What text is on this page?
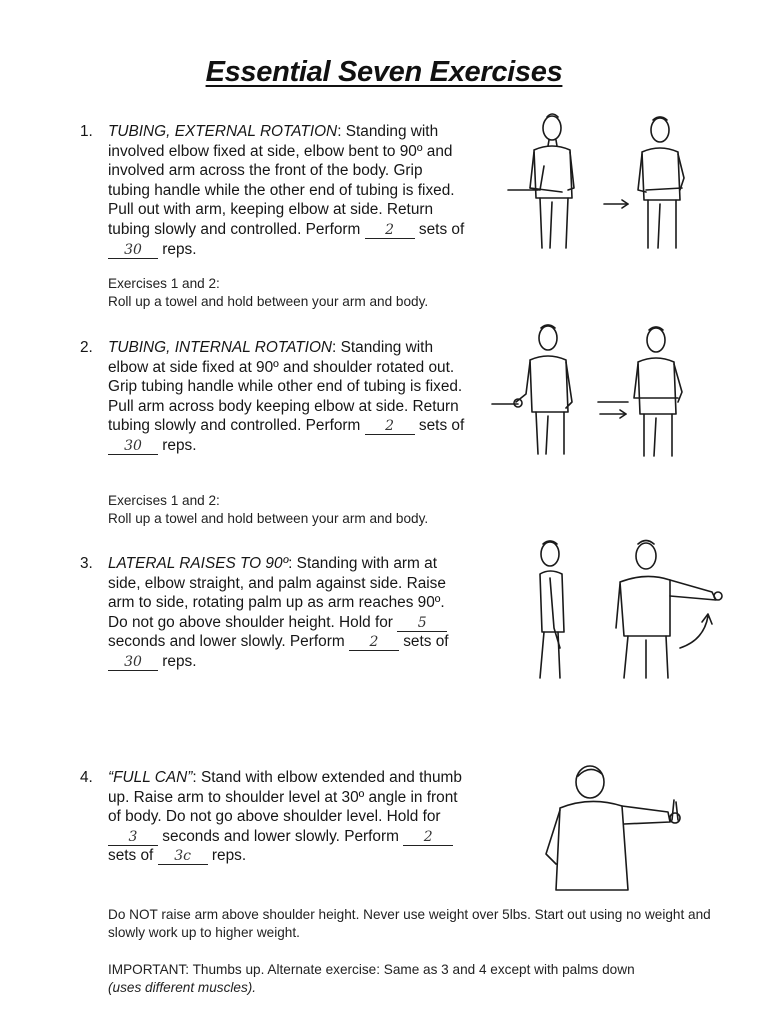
Essential Seven Exercises
1. TUBING, EXTERNAL ROTATION: Standing with involved elbow fixed at side, elbow bent to 90º and involved arm across the front of the body. Grip tubing handle while the other end of tubing is fixed. Pull out with arm, keeping elbow at side. Return tubing slowly and controlled. Perform 2 sets of 30 reps.
Exercises 1 and 2:
Roll up a towel and hold between your arm and body.
2. TUBING, INTERNAL ROTATION: Standing with elbow at side fixed at 90º and shoulder rotated out. Grip tubing handle while other end of tubing is fixed. Pull arm across body keeping elbow at side. Return tubing slowly and controlled. Perform 2 sets of 30 reps.
Exercises 1 and 2:
Roll up a towel and hold between your arm and body.
3. LATERAL RAISES TO 90º: Standing with arm at side, elbow straight, and palm against side. Raise arm to side, rotating palm up as arm reaches 90º. Do not go above shoulder height. Hold for 5 seconds and lower slowly. Perform 2 sets of 30 reps.
4. “FULL CAN”: Stand with elbow extended and thumb up. Raise arm to shoulder level at 30º angle in front of body. Do not go above shoulder level. Hold for 3 seconds and lower slowly. Perform 2 sets of 3c reps.
Do NOT raise arm above shoulder height. Never use weight over 5lbs. Start out using no weight and slowly work up to higher weight.
IMPORTANT: Thumbs up. Alternate exercise: Same as 3 and 4 except with palms down
(uses different muscles).
